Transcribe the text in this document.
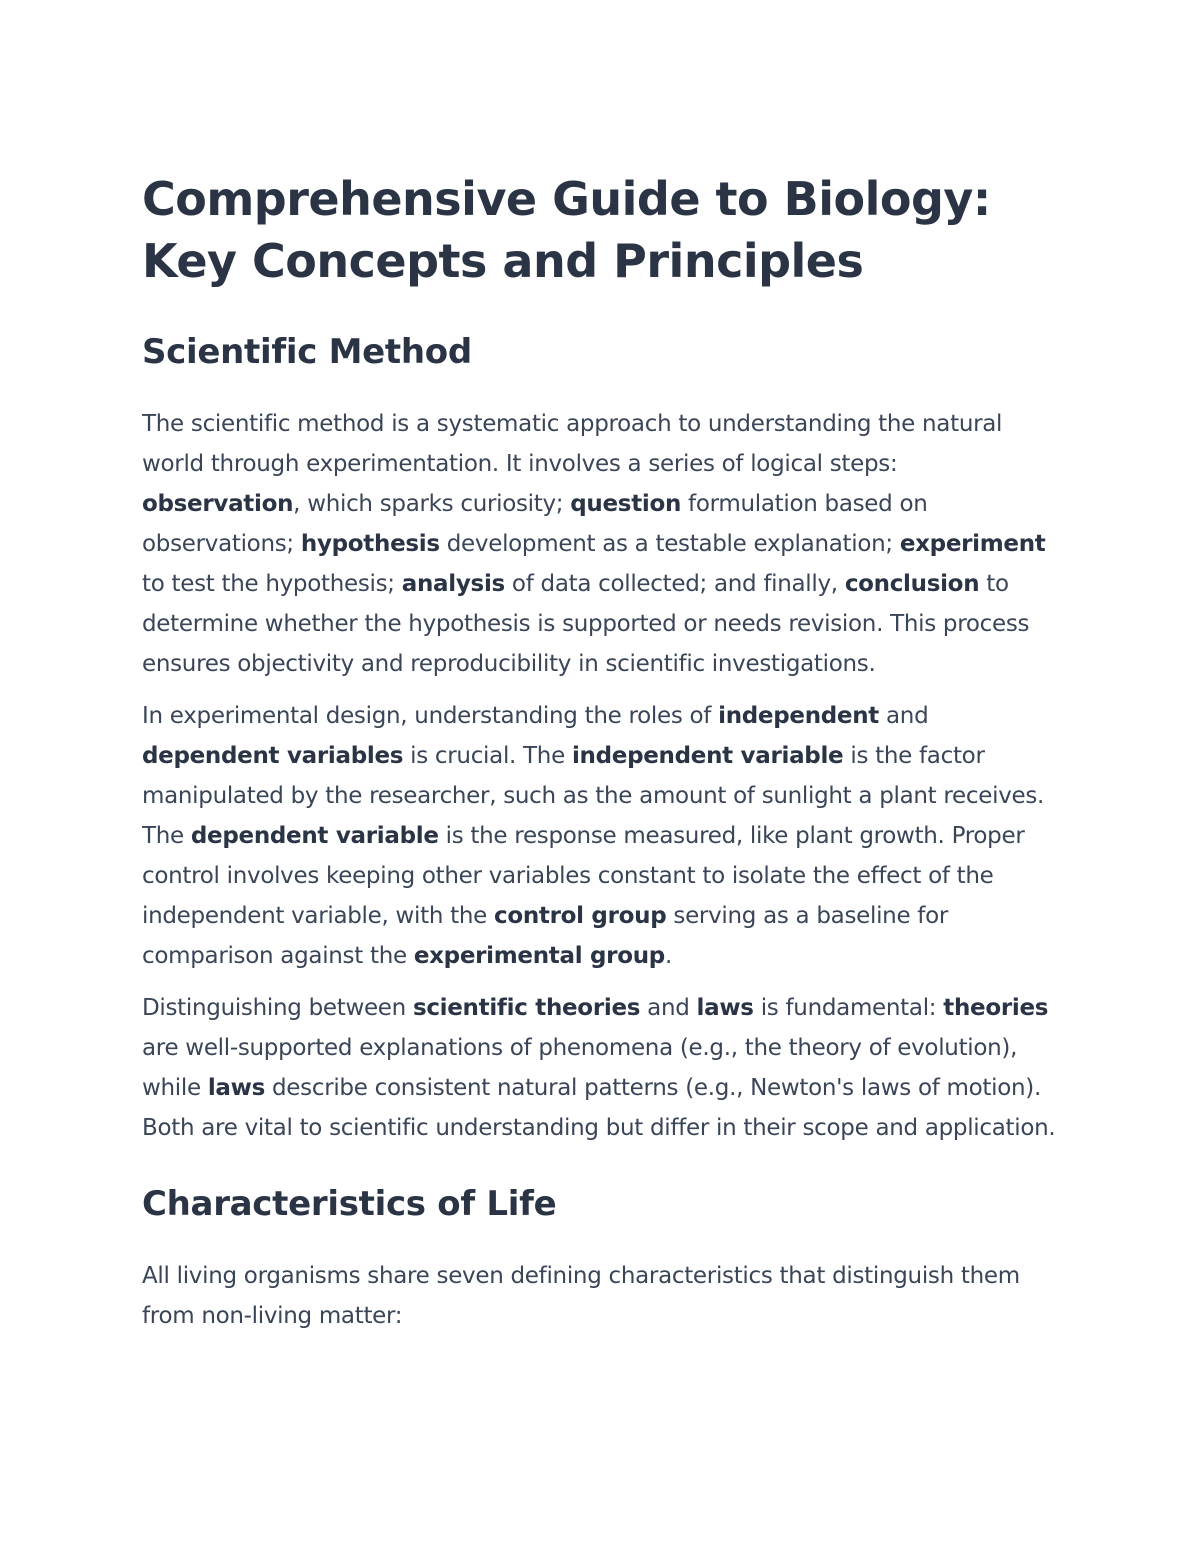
Comprehensive Guide to Biology: Key Concepts and Principles
Scientific Method

The scientific method is a systematic approach to understanding the natural world through experimentation. It involves a series of logical steps: observation, which sparks curiosity; question formulation based on observations; hypothesis development as a testable explanation; experiment to test the hypothesis; analysis of data collected; and finally, conclusion to determine whether the hypothesis is supported or needs revision. This process ensures objectivity and reproducibility in scientific investigations.

In experimental design, understanding the roles of independent and dependent variables is crucial. The independent variable is the factor manipulated by the researcher, such as the amount of sunlight a plant receives. The dependent variable is the response measured, like plant growth. Proper control involves keeping other variables constant to isolate the effect of the independent variable, with the control group serving as a baseline for comparison against the experimental group.

Distinguishing between scientific theories and laws is fundamental: theories are well-supported explanations of phenomena (e.g., the theory of evolution), while laws describe consistent natural patterns (e.g., Newton's laws of motion). Both are vital to scientific understanding but differ in their scope and application.

Characteristics of Life

All living organisms share seven defining characteristics that distinguish them from non-living matter:
